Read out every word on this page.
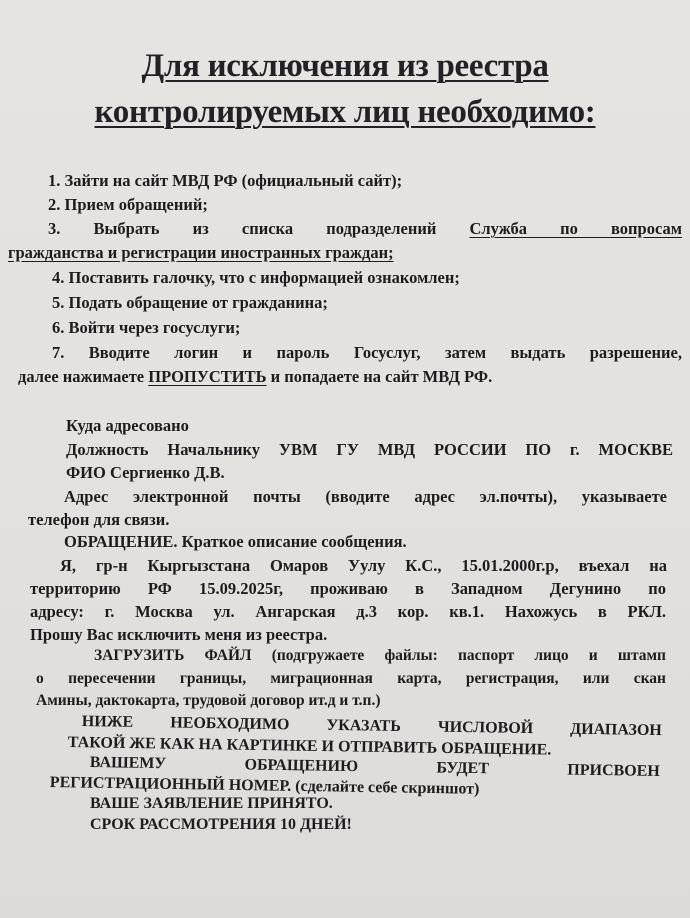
Для исключения из реестра
контролируемых лиц необходимо:
1. Зайти на сайт МВД РФ (официальный сайт);
2. Прием обращений;
3. Выбрать из списка подразделений Служба по вопросам
гражданства и регистрации иностранных граждан;
4. Поставить галочку, что с информацией ознакомлен;
5. Подать обращение от гражданина;
6. Войти через госуслуги;
7. Вводите логин и пароль Госуслуг, затем выдать разрешение,
далее нажимаете ПРОПУСТИТЬ и попадаете на сайт МВД РФ.
Куда адресовано
Должность Начальнику УВМ ГУ МВД РОССИИ ПО г. МОСКВЕ
ФИО Сергиенко Д.В.
Адрес электронной почты (вводите адрес эл.почты), указываете
телефон для связи.
ОБРАЩЕНИЕ. Краткое описание сообщения.
Я, гр-н Кыргызстана Омаров Уулу К.С., 15.01.2000г.р, въехал на
территорию РФ 15.09.2025г, проживаю в Западном Дегунино по
адресу: г. Москва ул. Ангарская д.3 кор. кв.1. Нахожусь в РКЛ.
Прошу Вас исключить меня из реестра.
ЗАГРУЗИТЬ ФАЙЛ (подгружаете файлы: паспорт лицо и штамп
о пересечении границы, миграционная карта, регистрация, или скан
Амины, дактокарта, трудовой договор ит.д и т.п.)
НИЖЕ НЕОБХОДИМО УКАЗАТЬ ЧИСЛОВОЙ ДИАПАЗОН
ТАКОЙ ЖЕ КАК НА КАРТИНКЕ И ОТПРАВИТЬ ОБРАЩЕНИЕ.
ВАШЕМУ ОБРАЩЕНИЮ БУДЕТ ПРИСВОЕН
РЕГИСТРАЦИОННЫЙ НОМЕР. (сделайте себе скриншот)
ВАШЕ ЗАЯВЛЕНИЕ ПРИНЯТО.
СРОК РАССМОТРЕНИЯ 10 ДНЕЙ!
